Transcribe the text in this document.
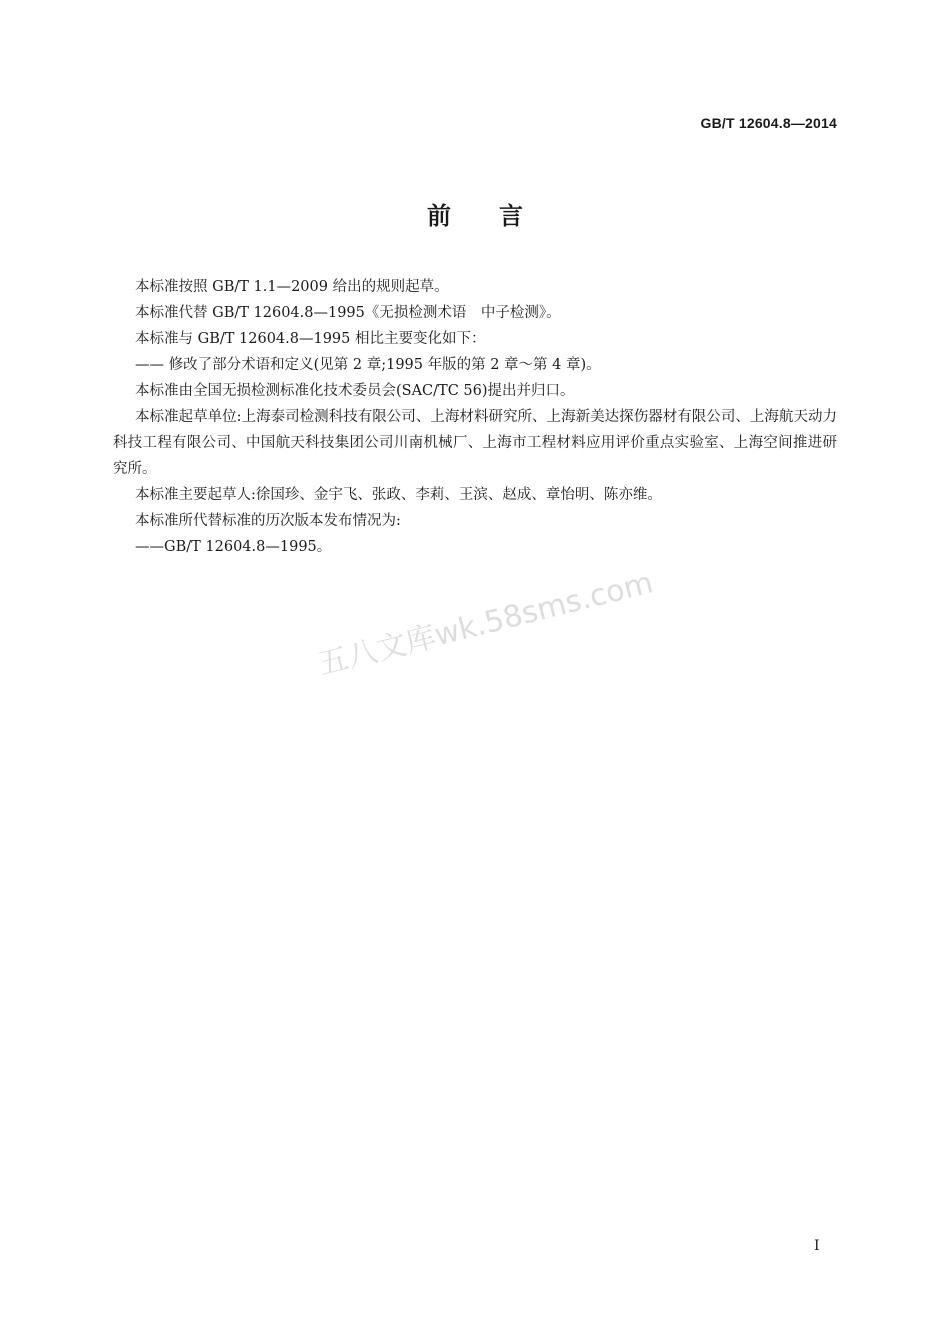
GB/T 12604.8—2014
前言

本标准按照 GB/T 1.1—2009 给出的规则起草。

本标准代替 GB/T 12604.8—1995《无损检测术语　中子检测》。

本标准与 GB/T 12604.8—1995 相比主要变化如下：

—— 修改了部分术语和定义(见第 2 章;1995 年版的第 2 章～第 4 章)。

本标准由全国无损检测标准化技术委员会(SAC/TC 56)提出并归口。

本标准起草单位:上海泰司检测科技有限公司、上海材料研究所、上海新美达探伤器材有限公司、上海航天动力科技工程有限公司、中国航天科技集团公司川南机械厂、上海市工程材料应用评价重点实验室、上海空间推进研究所。

本标准主要起草人:徐国珍、金宇飞、张政、李莉、王滨、赵成、章怡明、陈亦维。

本标准所代替标准的历次版本发布情况为:

——GB/T 12604.8—1995。

五八文库wk.58sms.com
I
